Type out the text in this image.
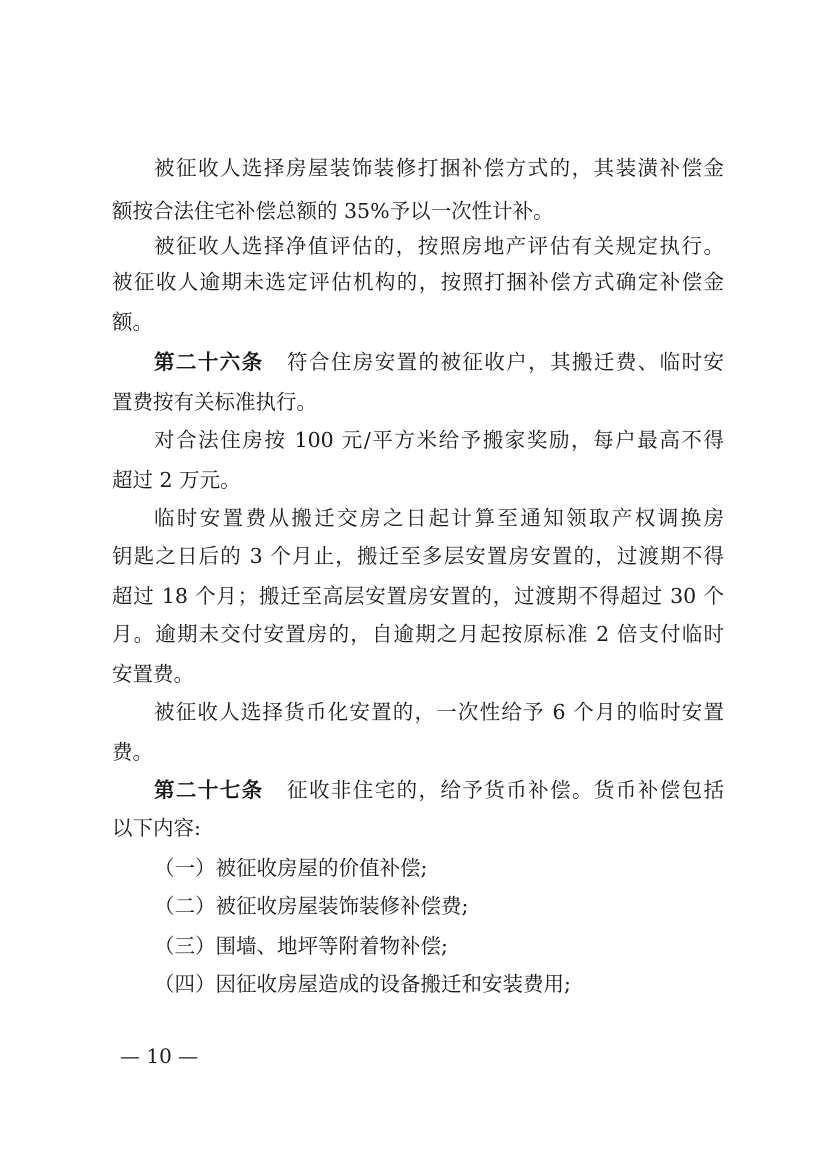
被征收人选择房屋装饰装修打捆补偿方式的，其装潢补偿金
额按合法住宅补偿总额的 35%予以一次性计补。
被征收人选择净值评估的，按照房地产评估有关规定执行。
被征收人逾期未选定评估机构的，按照打捆补偿方式确定补偿金
额。
第二十六条 符合住房安置的被征收户，其搬迁费、临时安
置费按有关标准执行。
对合法住房按 100 元/平方米给予搬家奖励，每户最高不得
超过 2 万元。
临时安置费从搬迁交房之日起计算至通知领取产权调换房
钥匙之日后的 3 个月止，搬迁至多层安置房安置的，过渡期不得
超过 18 个月；搬迁至高层安置房安置的，过渡期不得超过 30 个
月。逾期未交付安置房的，自逾期之月起按原标准 2 倍支付临时
安置费。
被征收人选择货币化安置的，一次性给予 6 个月的临时安置
费。
第二十七条 征收非住宅的，给予货币补偿。货币补偿包括
以下内容:
（一）被征收房屋的价值补偿;
（二）被征收房屋装饰装修补偿费;
（三）围墙、地坪等附着物补偿;
（四）因征收房屋造成的设备搬迁和安装费用;
— 10 —
